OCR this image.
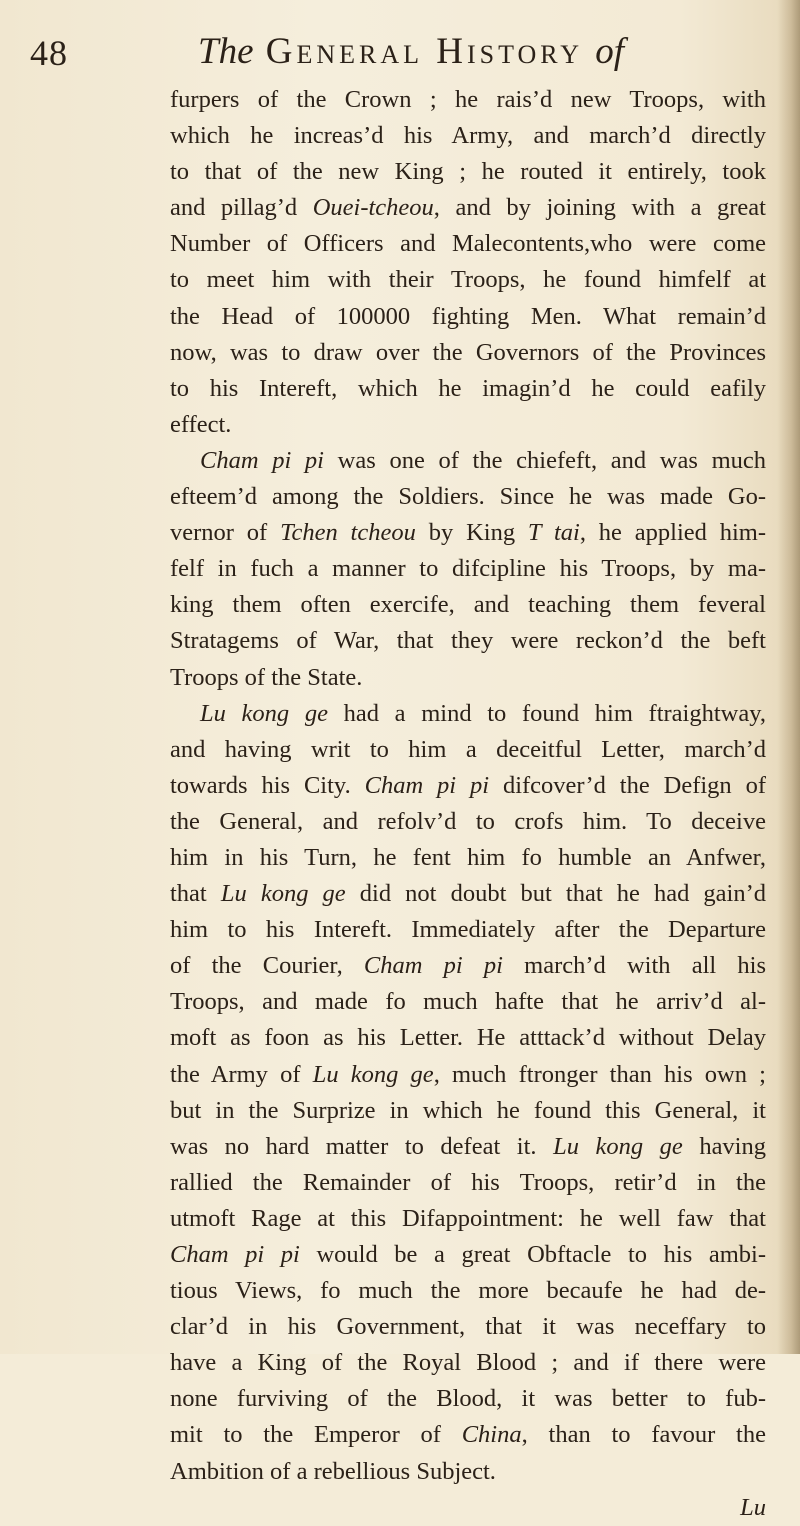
48	The General History of
furpers of the Crown ; he rais’d new Troops, with
which he increas’d his Army, and march’d directly
to that of the new King ; he routed it entirely, took
and pillag’d Ouei-tcheou, and by joining with a great
Number of Officers and Malecontents,who were come
to meet him with their Troops, he found himfelf at
the Head of 100000 fighting Men. What remain’d
now, was to draw over the Governors of the Provinces
to his Intereft, which he imagin’d he could eafily
effect.
Cham pi pi was one of the chiefeft, and was much
efteem’d among the Soldiers. Since he was made Go-
vernor of Tchen tcheou by King T tai, he applied him-
felf in fuch a manner to difcipline his Troops, by ma-
king them often exercife, and teaching them feveral
Stratagems of War, that they were reckon’d the beft
Troops of the State.
Lu kong ge had a mind to found him ftraightway,
and having writ to him a deceitful Letter, march’d
towards his City. Cham pi pi difcover’d the Defign of
the General, and refolv’d to crofs him. To deceive
him in his Turn, he fent him fo humble an Anfwer,
that Lu kong ge did not doubt but that he had gain’d
him to his Intereft. Immediately after the Departure
of the Courier, Cham pi pi march’d with all his
Troops, and made fo much hafte that he arriv’d al-
moft as foon as his Letter. He atttack’d without Delay
the Army of Lu kong ge, much ftronger than his own ;
but in the Surprize in which he found this General, it
was no hard matter to defeat it. Lu kong ge having
rallied the Remainder of his Troops, retir’d in the
utmoft Rage at this Difappointment: he well faw that
Cham pi pi would be a great Obftacle to his ambi-
tious Views, fo much the more becaufe he had de-
clar’d in his Government, that it was neceffary to
have a King of the Royal Blood ; and if there were
none furviving of the Blood, it was better to fub-
mit to the Emperor of China, than to favour the
Ambition of a rebellious Subject.
Lu
